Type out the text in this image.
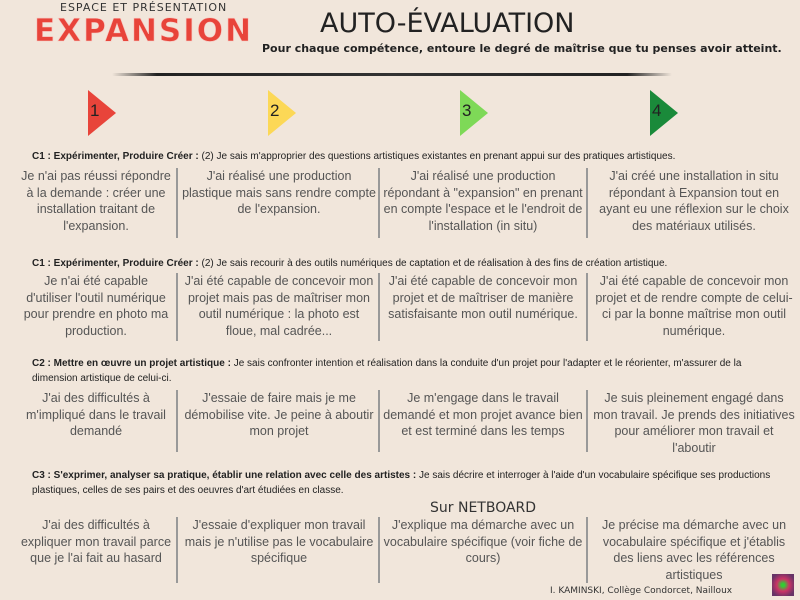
ESPACE ET PRÉSENTATION
EXPANSION AUTO-ÉVALUATION
Pour chaque compétence, entoure le degré de maîtrise que tu penses avoir atteint.
1	2	3	4
C1 : Expérimenter, Produire Créer : (2) Je sais m'approprier des questions artistiques existantes en prenant appui sur des pratiques artistiques.
Je n'ai pas réussi répondre à la demande : créer une installation traitant de l'expansion.
J'ai réalisé une production plastique mais sans rendre compte de l'expansion.
J'ai réalisé une production répondant à "expansion" en prenant en compte l'espace et le l'endroit de l'installation (in situ)
J'ai créé une installation in situ répondant à Expansion tout en ayant eu une réflexion sur le choix des matériaux utilisés.
C1 : Expérimenter, Produire Créer : (2) Je sais recourir à des outils numériques de captation et de réalisation à des fins de création artistique.
Je n'ai été capable d'utiliser l'outil numérique pour prendre en photo ma production.
J'ai été capable de concevoir mon projet mais pas de maîtriser mon outil numérique : la photo est floue, mal cadrée...
J'ai été capable de concevoir mon projet et de maîtriser de manière satisfaisante mon outil numérique.
J'ai été capable de concevoir mon projet et de rendre compte de celui-ci par la bonne maîtrise mon outil numérique.
C2 : Mettre en œuvre un projet artistique : Je sais confronter intention et réalisation dans la conduite d'un projet pour l'adapter et le réorienter, m'assurer de la dimension artistique de celui-ci.
J'ai des difficultés à m'impliqué dans le travail demandé
J'essaie de faire mais je me démobilise vite. Je peine à aboutir mon projet
Je m'engage dans le travail demandé et mon projet avance bien et est terminé dans les temps
Je suis pleinement engagé dans mon travail. Je prends des initiatives pour améliorer mon travail et l'aboutir
C3 : S'exprimer, analyser sa pratique, établir une relation avec celle des artistes : Je sais décrire et interroger à l'aide d'un vocabulaire spécifique ses productions plastiques, celles de ses pairs et des oeuvres d'art étudiées en classe.
J'ai des difficultés à expliquer mon travail parce que je l'ai fait au hasard
J'essaie d'expliquer mon travail mais je n'utilise pas le vocabulaire spécifique
J'explique ma démarche avec un vocabulaire spécifique (voir fiche de cours)
Je précise ma démarche avec un vocabulaire spécifique et j'établis des liens avec les références artistiques
Sur NETBOARD
I. KAMINSKI, Collège Condorcet, Nailloux
